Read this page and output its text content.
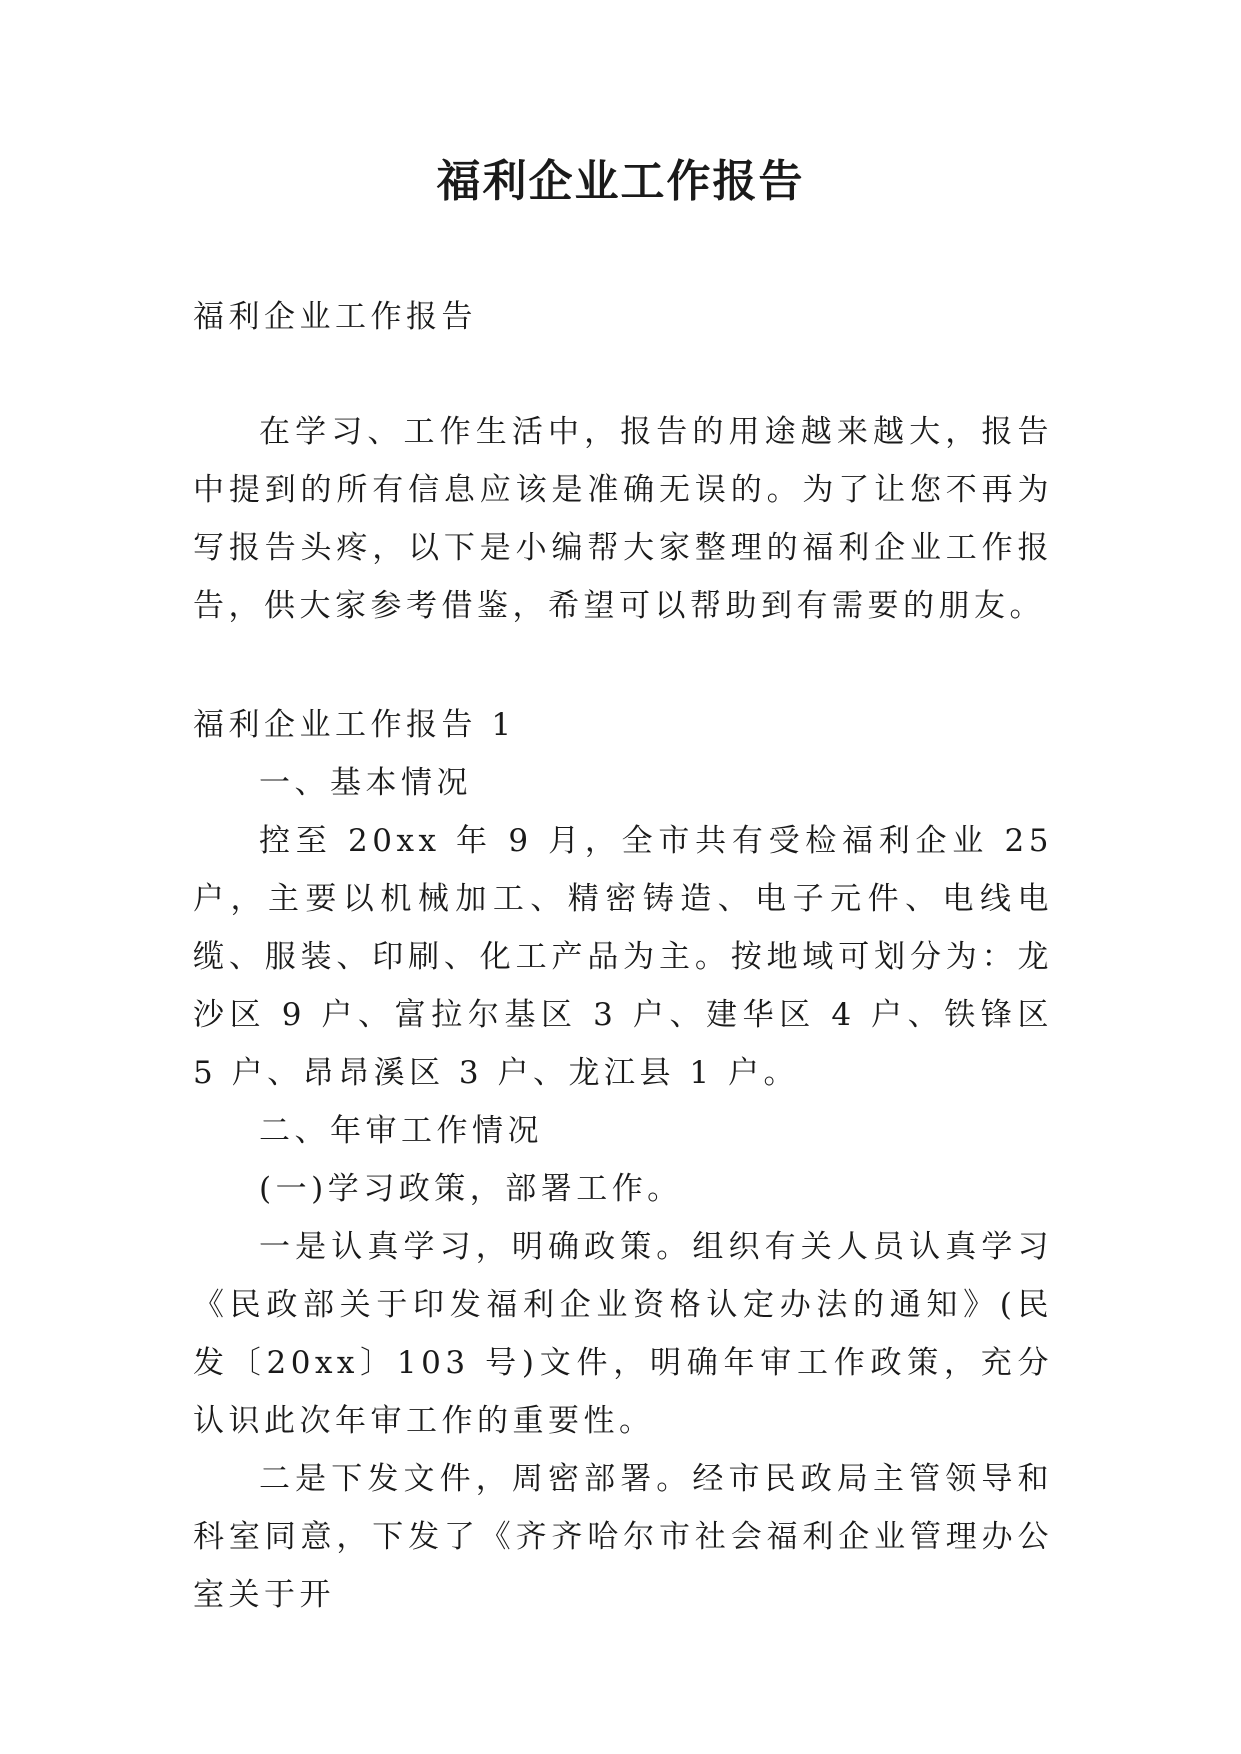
福利企业工作报告

福利企业工作报告

在学习、工作生活中，报告的用途越来越大，报告中提到的所有信息应该是准确无误的。为了让您不再为写报告头疼，以下是小编帮大家整理的福利企业工作报告，供大家参考借鉴，希望可以帮助到有需要的朋友。

福利企业工作报告 1

一、基本情况

控至 20xx 年 9 月，全市共有受检福利企业 25 户，主要以机械加工、精密铸造、电子元件、电线电缆、服装、印刷、化工产品为主。按地域可划分为：龙沙区 9 户、富拉尔基区 3 户、建华区 4 户、铁锋区 5 户、昂昂溪区 3 户、龙江县 1 户。

二、年审工作情况

(一)学习政策，部署工作。

一是认真学习，明确政策。组织有关人员认真学习《民政部关于印发福利企业资格认定办法的通知》(民发〔20xx〕103 号)文件，明确年审工作政策，充分认识此次年审工作的重要性。

二是下发文件，周密部署。经市民政局主管领导和科室同意，下发了《齐齐哈尔市社会福利企业管理办公室关于开
